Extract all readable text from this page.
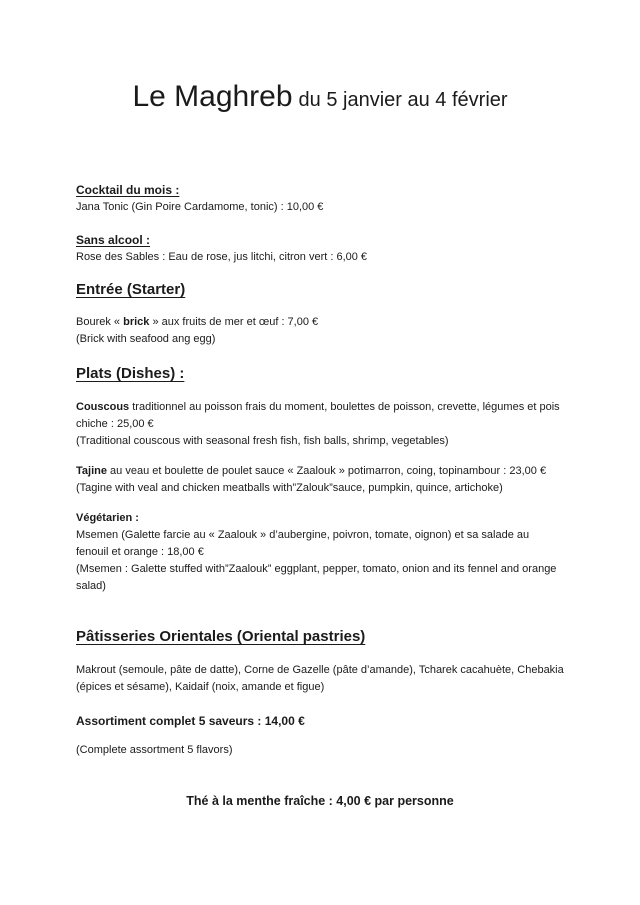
Le Maghreb du 5 janvier au 4 février

Cocktail du mois :

Jana Tonic (Gin Poire Cardamome, tonic) : 10,00 €

Sans alcool :

Rose des Sables : Eau de rose, jus litchi, citron vert : 6,00 €

Entrée (Starter)

Bourek « brick » aux fruits de mer et œuf : 7,00 €

(Brick with seafood ang egg)

Plats (Dishes) :

Couscous traditionnel au poisson frais du moment, boulettes de poisson, crevette, légumes et pois chiche : 25,00 €

(Traditional couscous with seasonal fresh fish, fish balls, shrimp, vegetables)

Tajine au veau et boulette de poulet sauce « Zaalouk » potimarron, coing, topinambour : 23,00 €

(Tagine with veal and chicken meatballs with”Zalouk”sauce, pumpkin, quince, artichoke)

Végétarien :

Msemen (Galette farcie au « Zaalouk » d’aubergine, poivron, tomate, oignon) et sa salade au fenouil et orange : 18,00 €

(Msemen : Galette stuffed with”Zaalouk” eggplant, pepper, tomato, onion and its fennel and orange salad)

Pâtisseries Orientales (Oriental pastries)

Makrout (semoule, pâte de datte), Corne de Gazelle (pâte d’amande), Tcharek cacahuète, Chebakia (épices et sésame), Kaidaif (noix, amande et figue)

Assortiment complet 5 saveurs : 14,00 €

(Complete assortment 5 flavors)

Thé à la menthe fraîche : 4,00 € par personne
